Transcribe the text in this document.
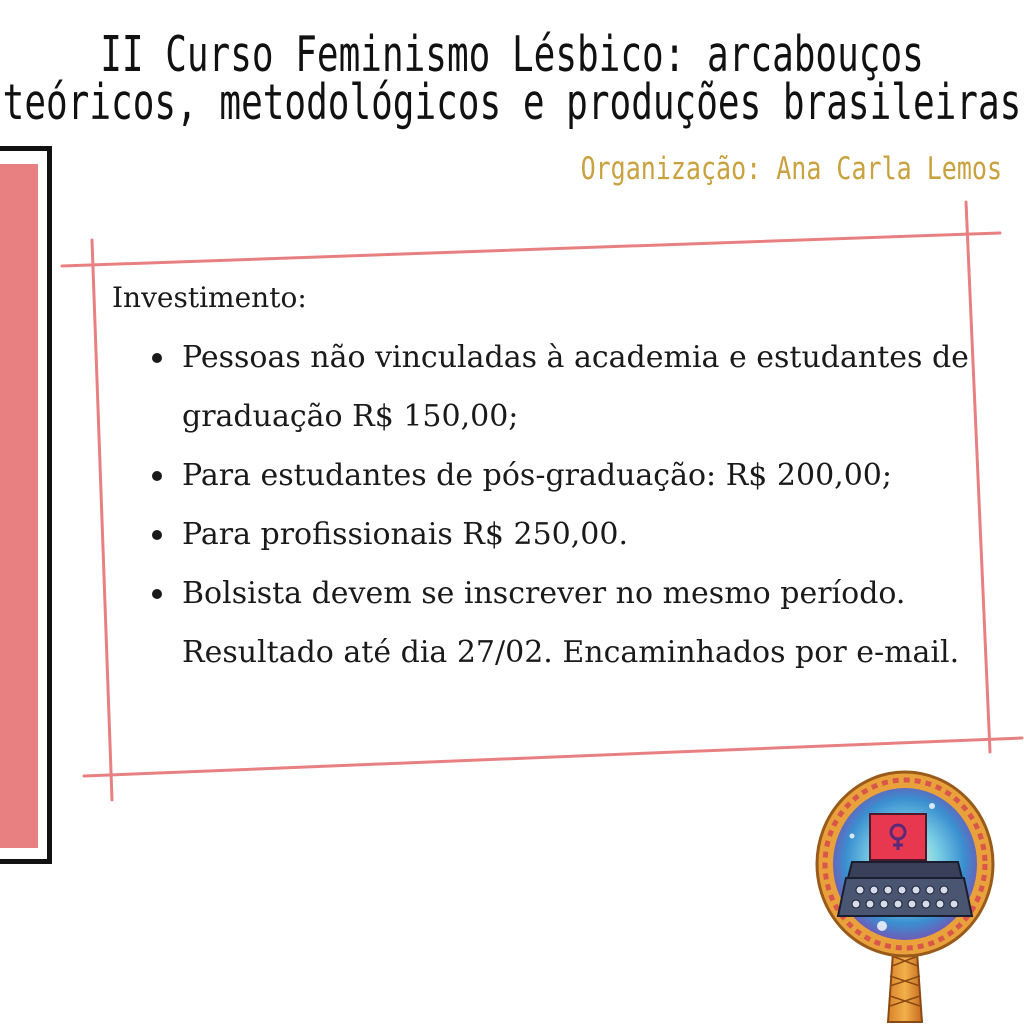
II Curso Feminismo Lésbico: arcabouços
teóricos, metodológicos e produções brasileiras
Organização: Ana Carla Lemos

Investimento:

Pessoas não vinculadas à academia e estudantes de graduação R$ 150,00;
Para estudantes de pós-graduação: R$ 200,00;
Para profissionais R$ 250,00.
Bolsista devem se inscrever no mesmo período. Resultado até dia 27/02. Encaminhados por e-mail.
